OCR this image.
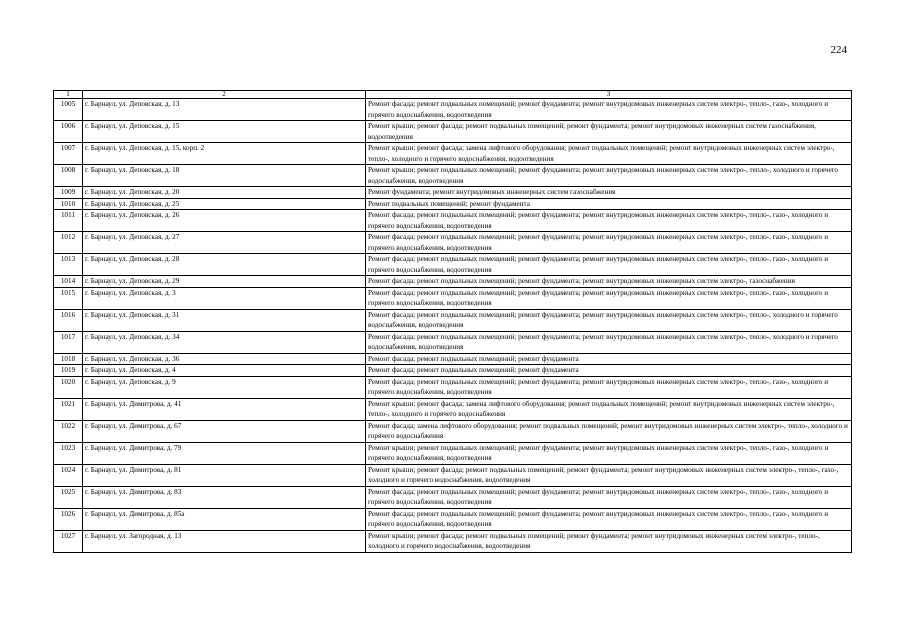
224
1	2	3
1005	г. Барнаул, ул. Деповская, д. 13	Ремонт фасада; ремонт подвальных помещений; ремонт фундамента; ремонт внутридомовых инженерных систем электро-, тепло-, газо-, холодного и горячего водоснабжения, водоотведения
1006	г. Барнаул, ул. Деповская, д. 15	Ремонт крыши; ремонт фасада; ремонт подвальных помещений; ремонт фундамента; ремонт внутридомовых инженерных систем газоснабжения, водоотведения
1007	г. Барнаул, ул. Деповская, д. 15, корп. 2	Ремонт крыши; ремонт фасада; замена лифтового оборудования; ремонт подвальных помещений; ремонт внутридомовых инженерных систем электро-, тепло-, холодного и горячего водоснабжения, водоотведения
1008	г. Барнаул, ул. Деповская, д. 18	Ремонт крыши; ремонт подвальных помещений; ремонт фундамента; ремонт внутридомовых инженерных систем электро-, тепло-, холодного и горячего водоснабжения, водоотведения
1009	г. Барнаул, ул. Деповская, д. 20	Ремонт фундамента; ремонт внутридомовых инженерных систем газоснабжения
1010	г. Барнаул, ул. Деповская, д. 25	Ремонт подвальных помещений; ремонт фундамента
1011	г. Барнаул, ул. Деповская, д. 26	Ремонт фасада; ремонт подвальных помещений; ремонт фундамента; ремонт внутридомовых инженерных систем электро-, тепло-, газо-, холодного и горячего водоснабжения, водоотведения
1012	г. Барнаул, ул. Деповская, д. 27	Ремонт фасада; ремонт подвальных помещений; ремонт фундамента; ремонт внутридомовых инженерных систем электро-, тепло-, газо-, холодного и горячего водоснабжения, водоотведения
1013	г. Барнаул, ул. Деповская, д. 28	Ремонт фасада; ремонт подвальных помещений; ремонт фундамента; ремонт внутридомовых инженерных систем электро-, тепло-, газо-, холодного и горячего водоснабжения, водоотведения
1014	г. Барнаул, ул. Деповская, д. 29	Ремонт фасада; ремонт подвальных помещений; ремонт фундамента; ремонт внутридомовых инженерных систем электро-, газоснабжения
1015	г. Барнаул, ул. Деповская, д. 3	Ремонт фасада; ремонт подвальных помещений; ремонт фундамента; ремонт внутридомовых инженерных систем электро-, тепло-, газо-, холодного и горячего водоснабжения, водоотведения
1016	г. Барнаул, ул. Деповская, д. 31	Ремонт фасада; ремонт подвальных помещений; ремонт фундамента; ремонт внутридомовых инженерных систем электро-, тепло-, холодного и горячего водоснабжения, водоотведения
1017	г. Барнаул, ул. Деповская, д. 34	Ремонт фасада; ремонт подвальных помещений; ремонт фундамента; ремонт внутридомовых инженерных систем электро-, тепло-, холодного и горячего водоснабжения, водоотведения
1018	г. Барнаул, ул. Деповская, д. 36	Ремонт фасада; ремонт подвальных помещений; ремонт фундамента
1019	г. Барнаул, ул. Деповская, д. 4	Ремонт фасада; ремонт подвальных помещений; ремонт фундамента
1020	г. Барнаул, ул. Деповская, д. 9	Ремонт фасада; ремонт подвальных помещений; ремонт фундамента; ремонт внутридомовых инженерных систем электро-, тепло-, газо-, холодного и горячего водоснабжения, водоотведения
1021	г. Барнаул, ул. Димитрова, д. 41	Ремонт крыши; ремонт фасада; замена лифтового оборудования; ремонт подвальных помещений; ремонт внутридомовых инженерных систем электро-, тепло-, холодного и горячего водоснабжения
1022	г. Барнаул, ул. Димитрова, д. 67	Ремонт фасада; замена лифтового оборудования; ремонт подвальных помещений; ремонт внутридомовых инженерных систем электро-, тепло-, холодного и горячего водоснабжения
1023	г. Барнаул, ул. Димитрова, д. 79	Ремонт крыши; ремонт подвальных помещений; ремонт фундамента; ремонт внутридомовых инженерных систем электро-, тепло-, газо-, холодного и горячего водоснабжения, водоотведения
1024	г. Барнаул, ул. Димитрова, д. 81	Ремонт крыши; ремонт фасада; ремонт подвальных помещений; ремонт фундамента; ремонт внутридомовых инженерных систем электро-, тепло-, газо-, холодного и горячего водоснабжения, водоотведения
1025	г. Барнаул, ул. Димитрова, д. 83	Ремонт фасада; ремонт подвальных помещений; ремонт фундамента; ремонт внутридомовых инженерных систем электро-, тепло-, газо-, холодного и горячего водоснабжения, водоотведения
1026	г. Барнаул, ул. Димитрова, д. 85а	Ремонт фасада; ремонт подвальных помещений; ремонт фундамента; ремонт внутридомовых инженерных систем электро-, тепло-, газо-, холодного и горячего водоснабжения, водоотведения
1027	г. Барнаул, ул. Загородная, д. 13	Ремонт крыши; ремонт фасада; ремонт подвальных помещений; ремонт фундамента; ремонт внутридомовых инженерных систем электро-, тепло-, холодного и горячего водоснабжения, водоотведения
